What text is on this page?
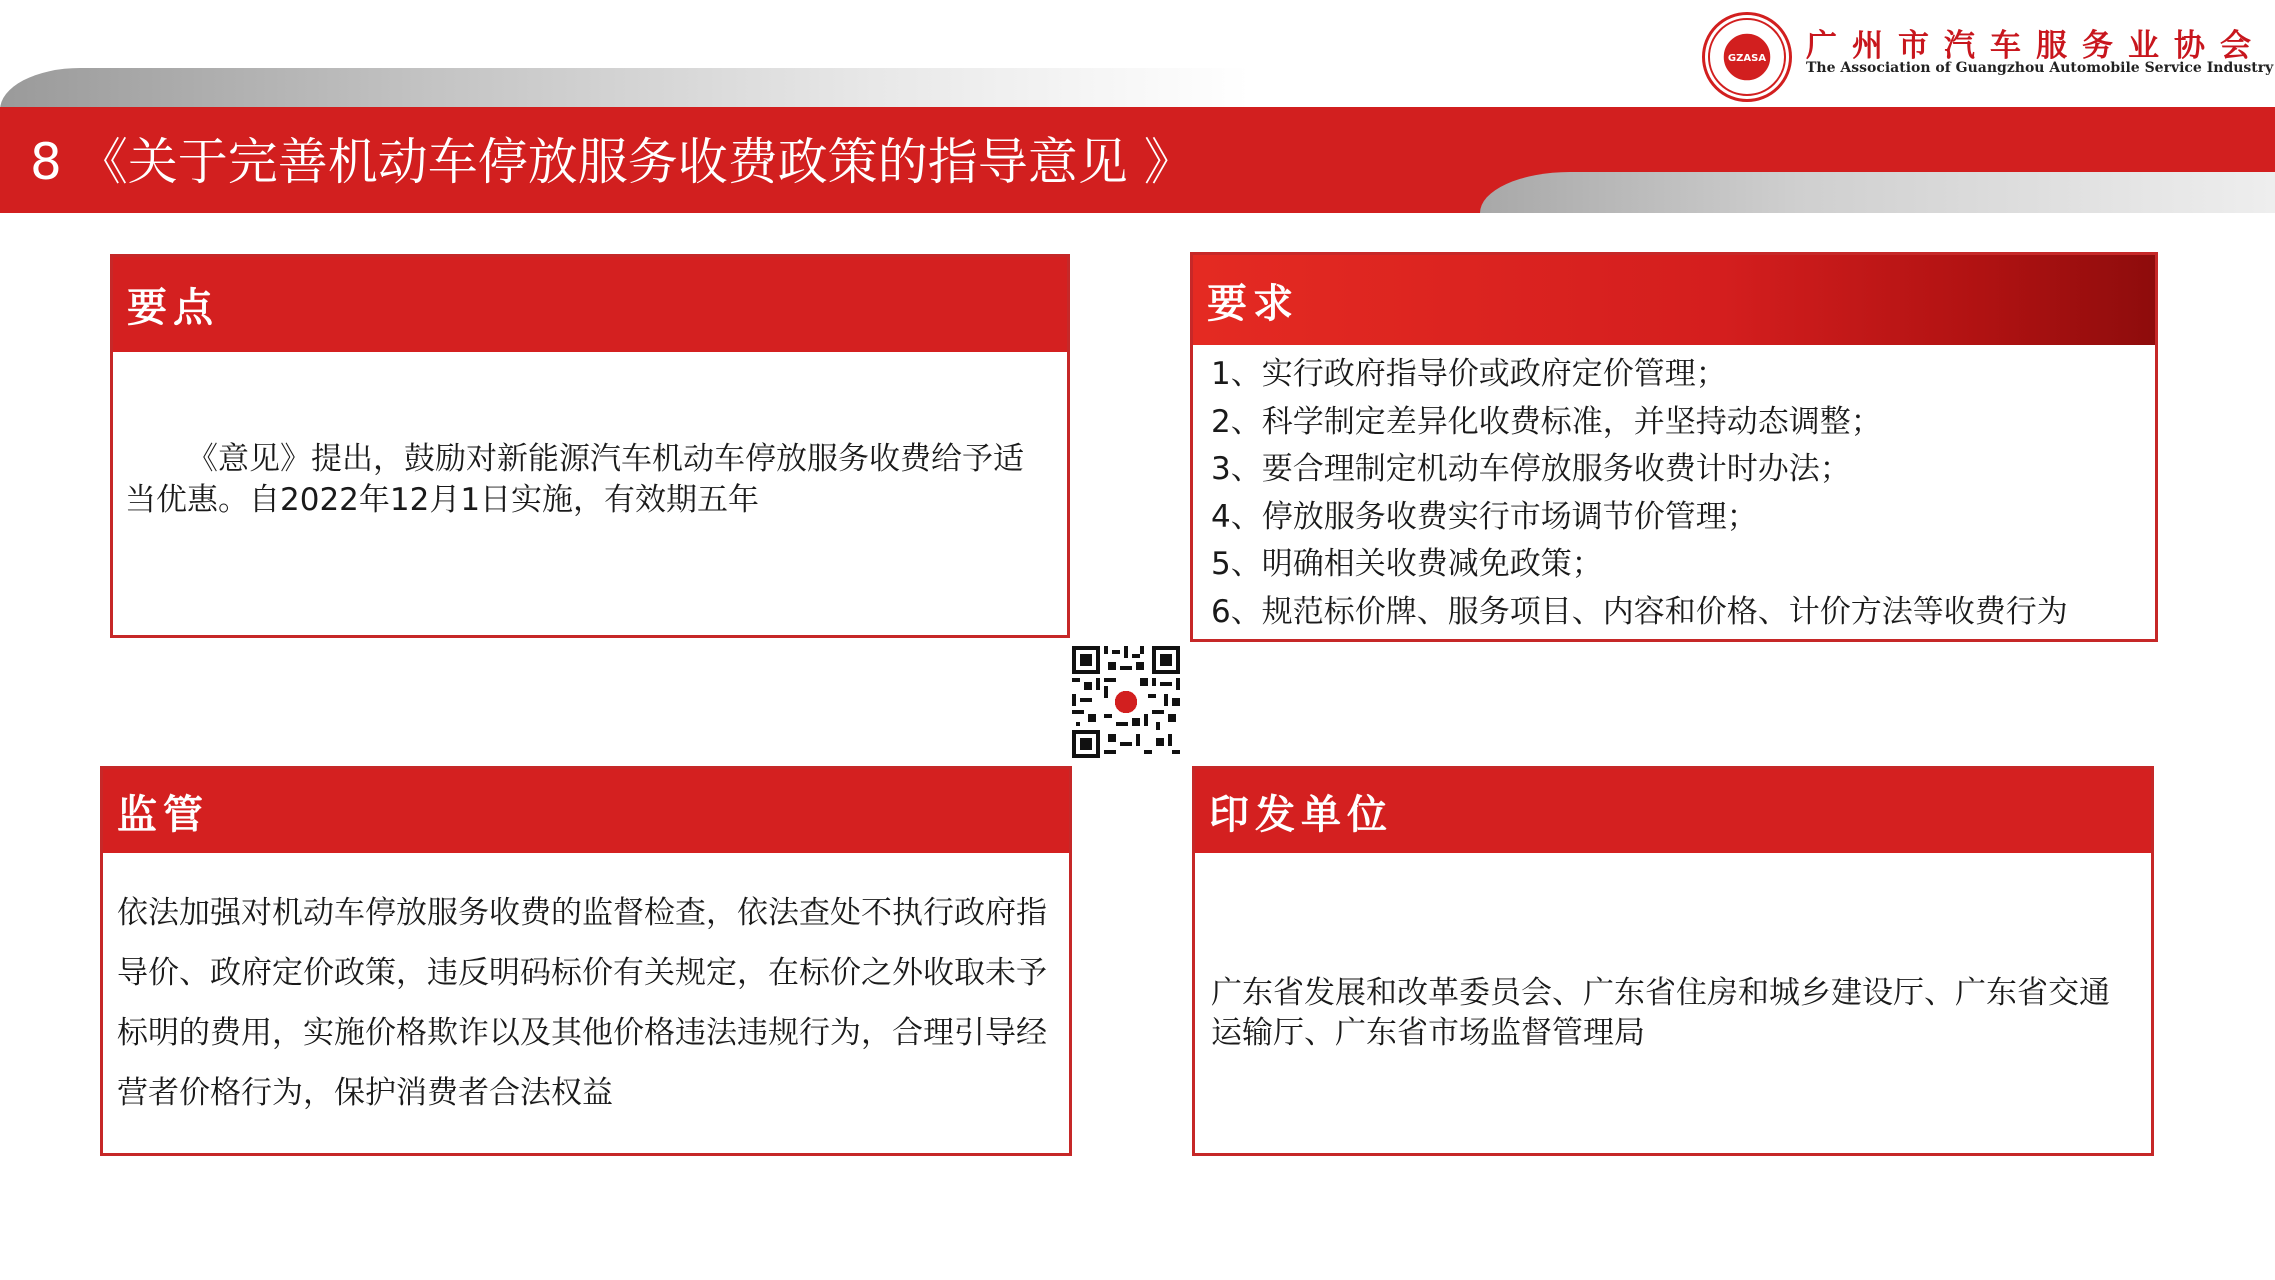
8 《关于完善机动车停放服务收费政策的指导意见 》
GZASA	广州市汽车服务业协会
The Association of Guangzhou Automobile Service Industry
要点
《意见》提出，鼓励对新能源汽车机动车停放服务收费给予适当优惠。自2022年12月1日实施，有效期五年
要求
1、实行政府指导价或政府定价管理；
2、科学制定差异化收费标准，并坚持动态调整；
3、要合理制定机动车停放服务收费计时办法；
4、停放服务收费实行市场调节价管理；
5、明确相关收费减免政策；
6、规范标价牌、服务项目、内容和价格、计价方法等收费行为
监管
依法加强对机动车停放服务收费的监督检查，依法查处不执行政府指导价、政府定价政策，违反明码标价有关规定，在标价之外收取未予标明的费用，实施价格欺诈以及其他价格违法违规行为，合理引导经营者价格行为，保护消费者合法权益
印发单位
广东省发展和改革委员会、广东省住房和城乡建设厅、广东省交通运输厅、广东省市场监督管理局
